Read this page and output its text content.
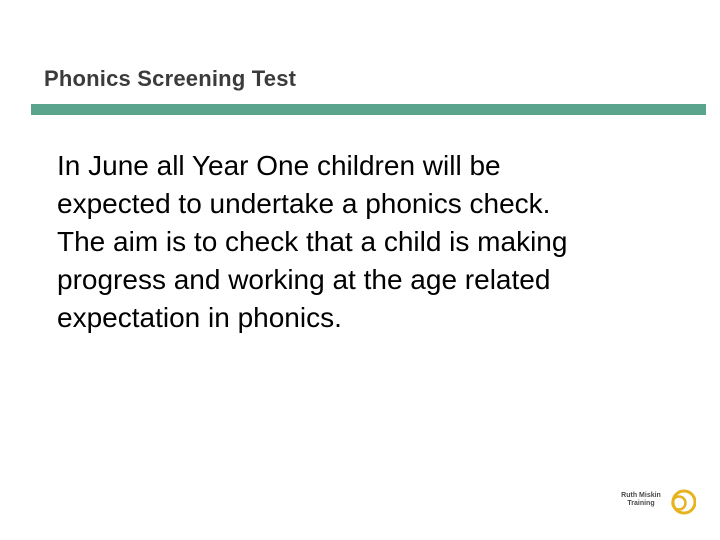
Phonics Screening Test
In June all Year One children will be
expected to undertake a phonics check.
The aim is to check that a child is making
progress and working at the age related
expectation in phonics.
Ruth Miskin
Training
